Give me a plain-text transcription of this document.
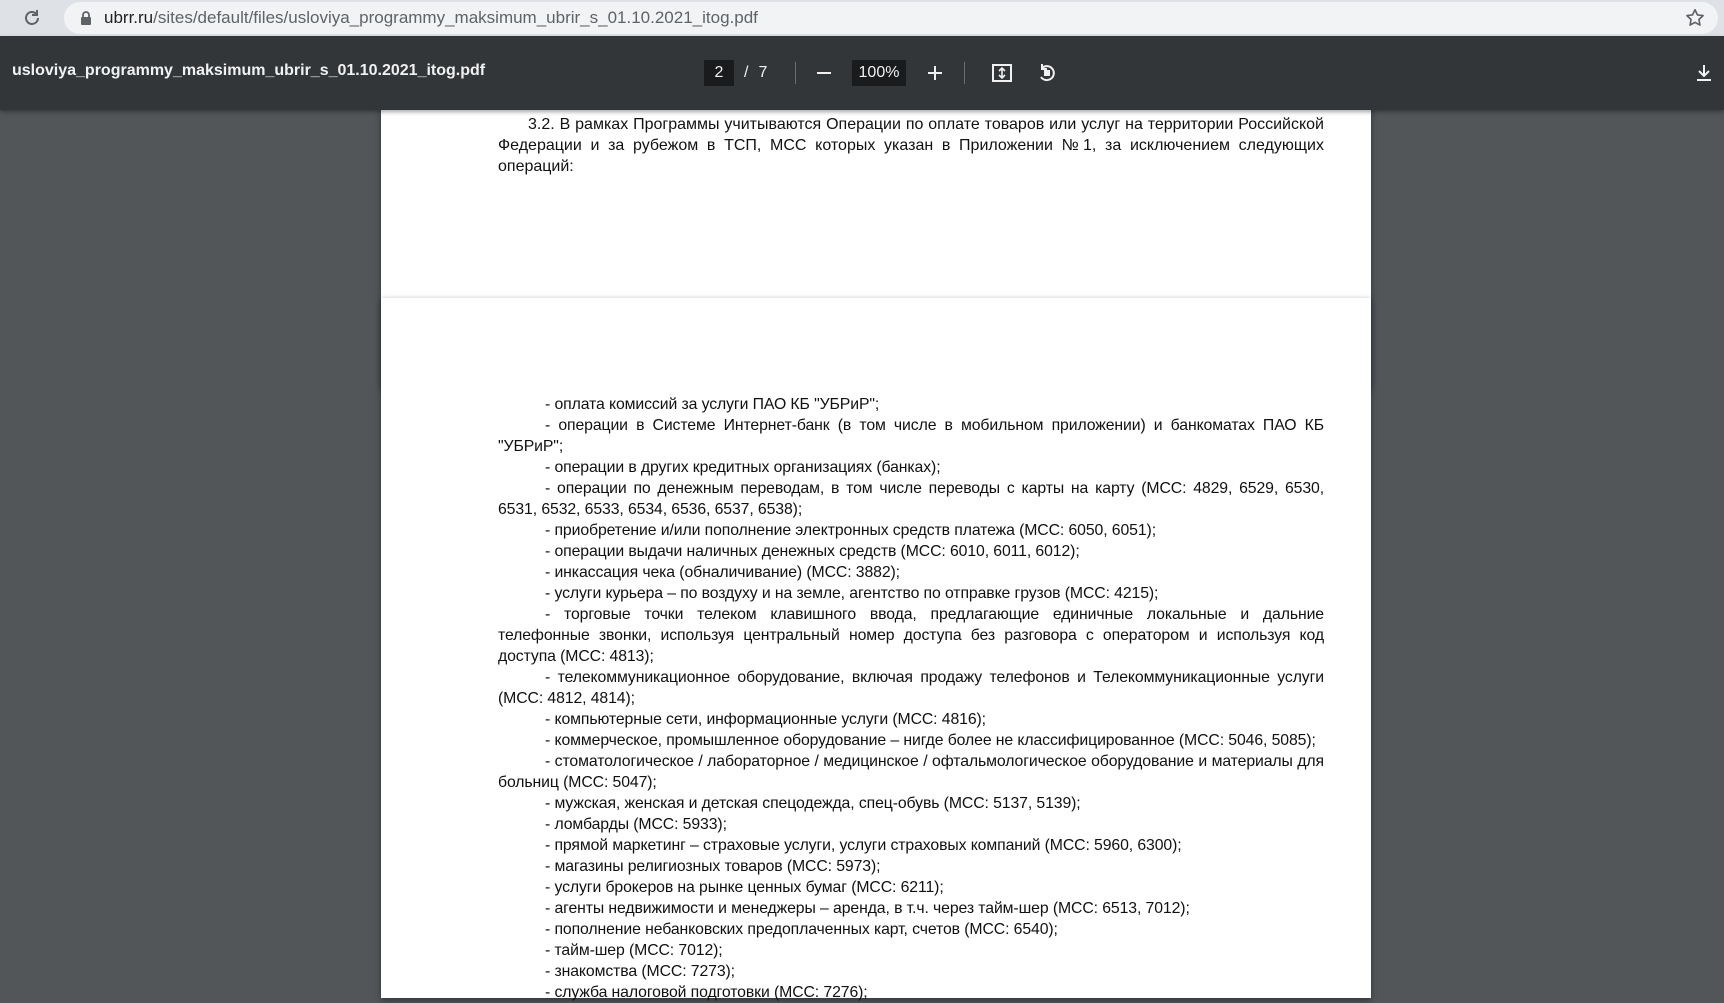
ubrr.ru/sites/default/files/usloviya_programmy_maksimum_ubrir_s_01.10.2021_itog.pdf
usloviya_programmy_maksimum_ubrir_s_01.10.2021_itog.pdf
2	/ 7
100%
3.2. В рамках Программы учитываются Операции по оплате товаров или услуг на территории Российской Федерации и за рубежом в ТСП, МСС которых указан в Приложении №1, за исключением следующих операций:
- оплата комиссий за услуги ПАО КБ "УБРиР";
- операции в Системе Интернет-банк (в том числе в мобильном приложении) и банкоматах ПАО КБ "УБРиР";
- операции в других кредитных организациях (банках);
- операции по денежным переводам, в том числе переводы с карты на карту (МСС: 4829, 6529, 6530, 6531, 6532, 6533, 6534, 6536, 6537, 6538);
- приобретение и/или пополнение электронных средств платежа (МСС: 6050, 6051);
- операции выдачи наличных денежных средств (МСС: 6010, 6011, 6012);
- инкассация чека (обналичивание) (МСС: 3882);
- услуги курьера – по воздуху и на земле, агентство по отправке грузов (МСС: 4215);
- торговые точки телеком клавишного ввода, предлагающие единичные локальные и дальние телефонные звонки, используя центральный номер доступа без разговора с оператором и используя код доступа (МСС: 4813);
- телекоммуникационное оборудование, включая продажу телефонов и Телекоммуникационные услуги (МСС: 4812, 4814);
- компьютерные сети, информационные услуги (МСС: 4816);
- коммерческое, промышленное оборудование – нигде более не классифицированное (МСС: 5046, 5085);
- стоматологическое / лабораторное / медицинское / офтальмологическое оборудование и материалы для больниц (МСС: 5047);
- мужская, женская и детская спецодежда, спец-обувь (МСС: 5137, 5139);
- ломбарды (МСС: 5933);
- прямой маркетинг – страховые услуги, услуги страховых компаний (МСС: 5960, 6300);
- магазины религиозных товаров (МСС: 5973);
- услуги брокеров на рынке ценных бумаг (МСС: 6211);
- агенты недвижимости и менеджеры – аренда, в т.ч. через тайм-шер (МСС: 6513, 7012);
- пополнение небанковских предоплаченных карт, счетов (МСС: 6540);
- тайм-шер (МСС: 7012);
- знакомства (МСС: 7273);
- служба налоговой подготовки (МСС: 7276);
